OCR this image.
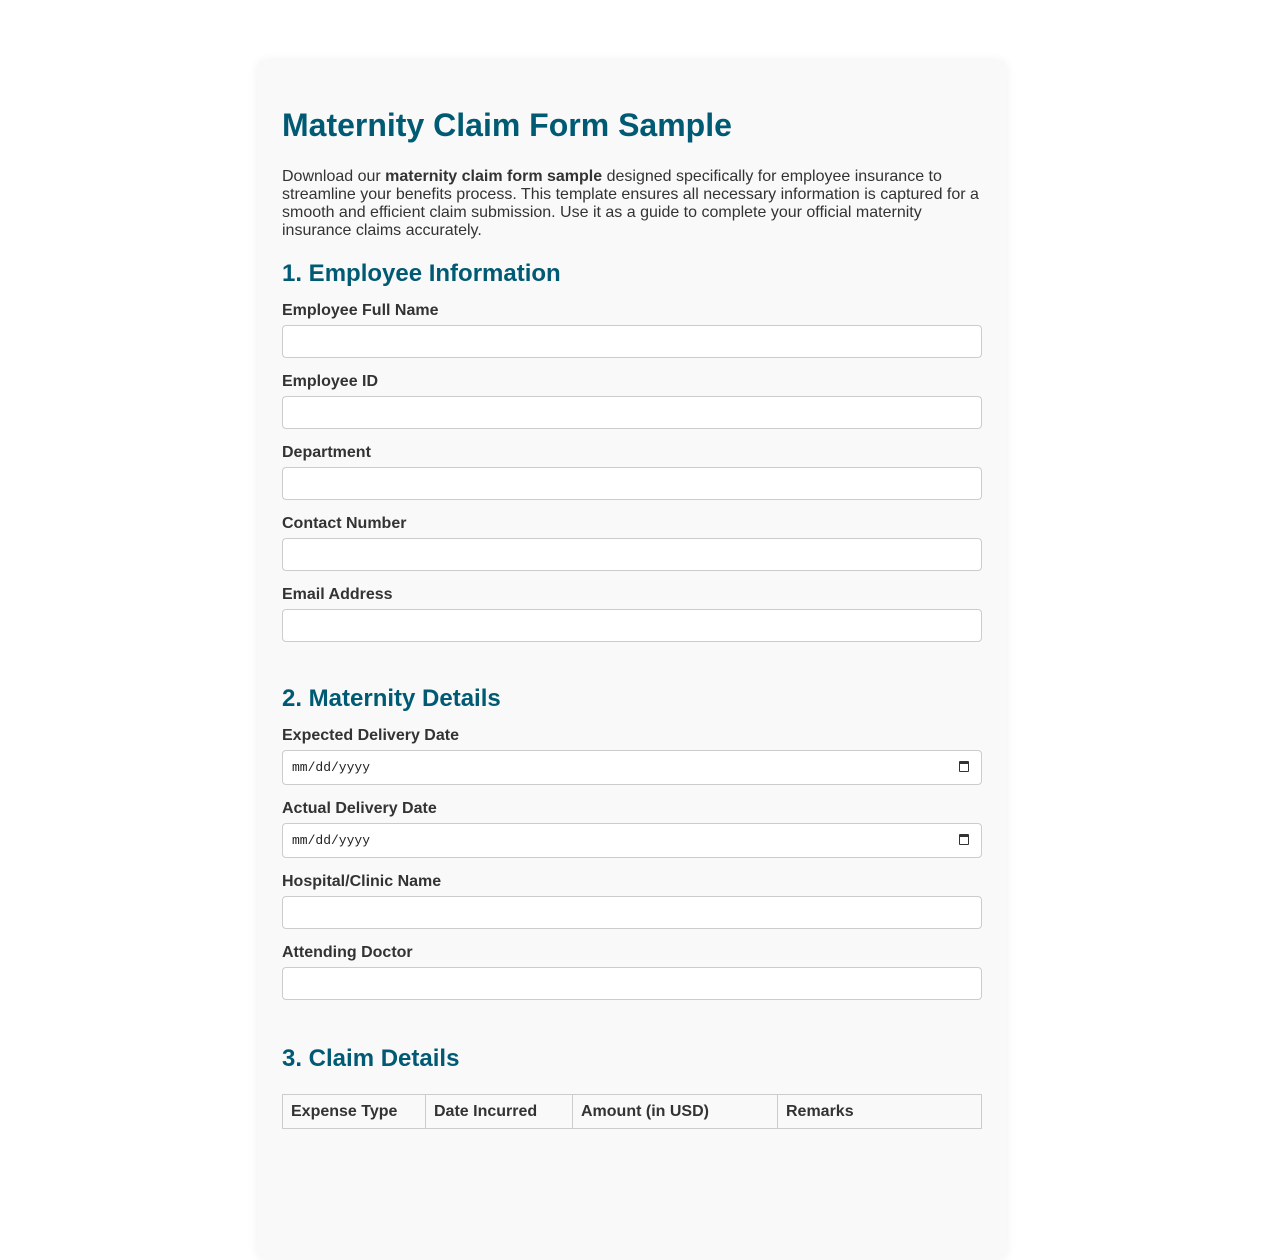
Maternity Claim Form Sample

Download our maternity claim form sample designed specifically for employee insurance to streamline your benefits process. This template ensures all necessary information is captured for a smooth and efficient claim submission. Use it as a guide to complete your official maternity insurance claims accurately.

1. Employee Information
Employee Full Name
Employee ID
Department
Contact Number
Email Address
2. Maternity Details
Expected Delivery Date
mm/dd/yyyy
Actual Delivery Date
mm/dd/yyyy
Hospital/Clinic Name
Attending Doctor
3. Claim Details
Expense Type	Date Incurred	Amount (in USD)	Remarks
